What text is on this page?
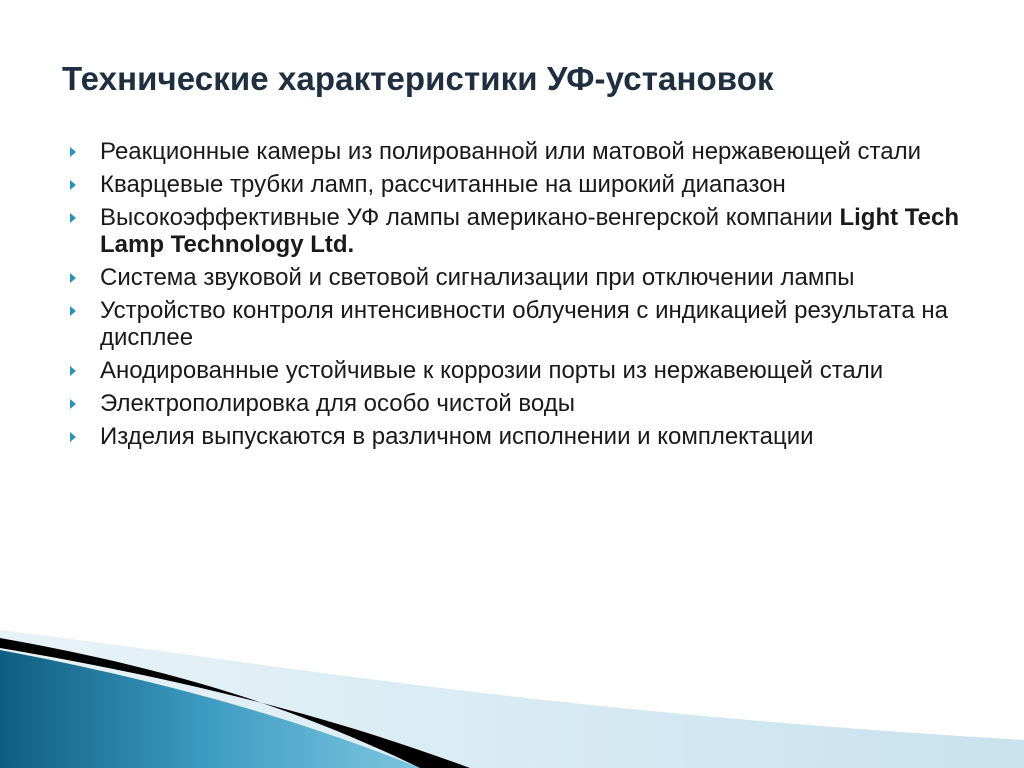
Технические характеристики УФ-установок
Реакционные камеры из полированной или матовой нержавеющей стали
Кварцевые трубки ламп, рассчитанные на широкий диапазон
Высокоэффективные УФ лампы американо-венгерской компании Light Tech Lamp Technology Ltd.
Система звуковой и световой сигнализации при отключении лампы
Устройство контроля интенсивности облучения с индикацией результата на дисплее
Анодированные устойчивые к коррозии порты из нержавеющей стали
Электрополировка для особо чистой воды
Изделия выпускаются в различном исполнении и комплектации
